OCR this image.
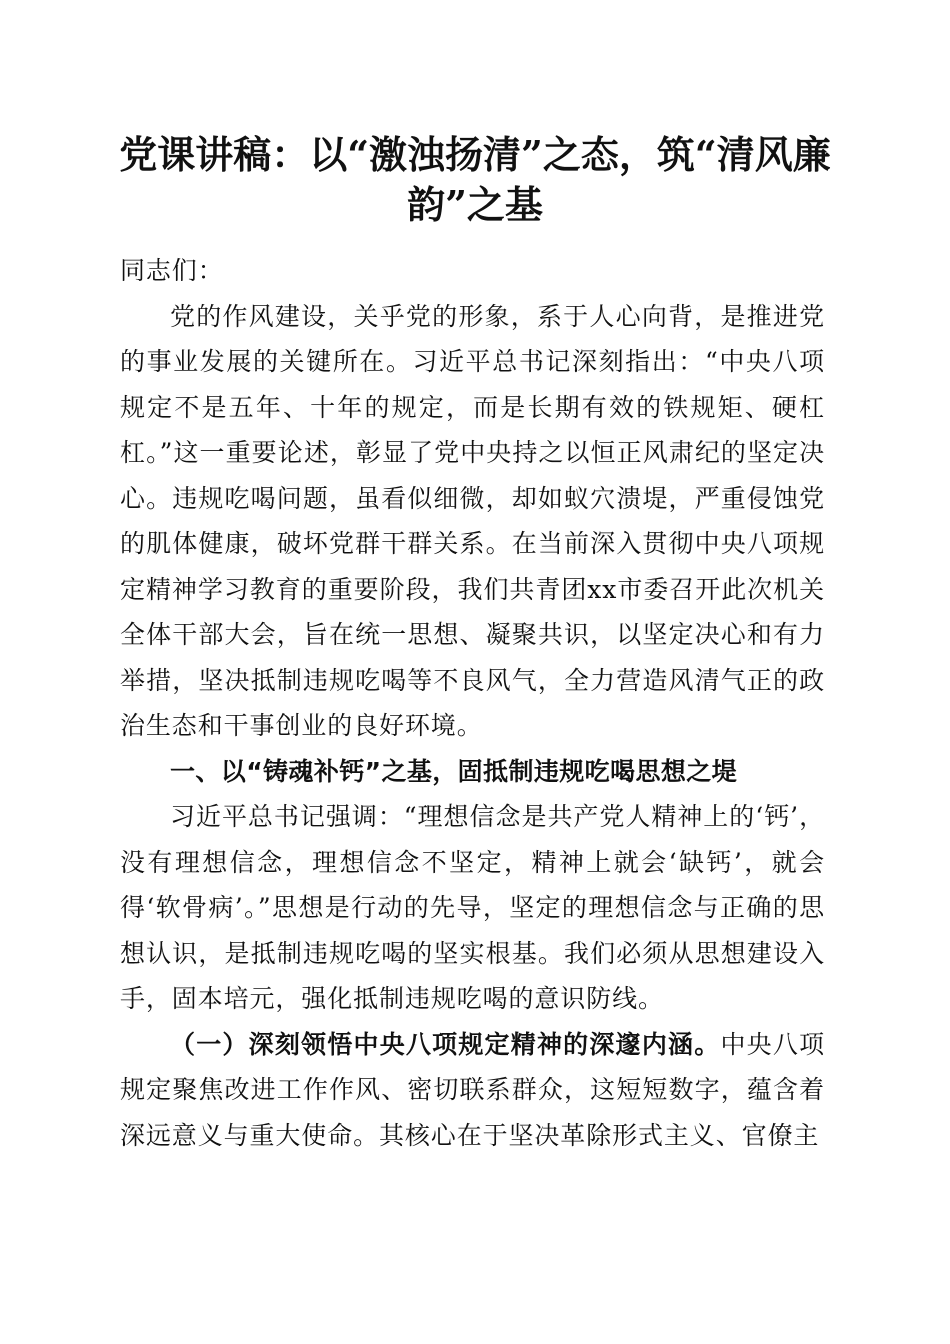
党课讲稿：以“激浊扬清”之态，筑“清风廉韵”之基

同志们：

党的作风建设，关乎党的形象，系于人心向背，是推进党的事业发展的关键所在。习近平总书记深刻指出：“中央八项规定不是五年、十年的规定，而是长期有效的铁规矩、硬杠杠。”这一重要论述，彰显了党中央持之以恒正风肃纪的坚定决心。违规吃喝问题，虽看似细微，却如蚁穴溃堤，严重侵蚀党的肌体健康，破坏党群干群关系。在当前深入贯彻中央八项规定精神学习教育的重要阶段，我们共青团xx市委召开此次机关全体干部大会，旨在统一思想、凝聚共识，以坚定决心和有力举措，坚决抵制违规吃喝等不良风气，全力营造风清气正的政治生态和干事创业的良好环境。

一、以“铸魂补钙”之基，固抵制违规吃喝思想之堤

习近平总书记强调：“理想信念是共产党人精神上的‘钙’，没有理想信念，理想信念不坚定，精神上就会‘缺钙’，就会得‘软骨病’。”思想是行动的先导，坚定的理想信念与正确的思想认识，是抵制违规吃喝的坚实根基。我们必须从思想建设入手，固本培元，强化抵制违规吃喝的意识防线。

（一）深刻领悟中央八项规定精神的深邃内涵。中央八项规定聚焦改进工作作风、密切联系群众，这短短数字，蕴含着深远意义与重大使命。其核心在于坚决革除形式主义、官僚主
